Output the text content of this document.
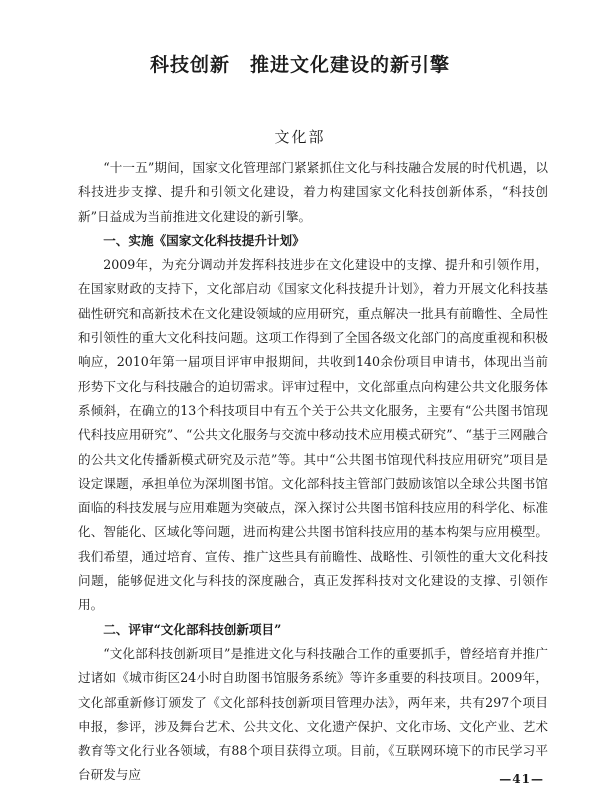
科技创新　推进文化建设的新引擎
文化部

“十一五”期间，国家文化管理部门紧紧抓住文化与科技融合发展的时代机遇，以科技进步支撑、提升和引领文化建设，着力构建国家文化科技创新体系，“科技创新”日益成为当前推进文化建设的新引擎。

一、实施《国家文化科技提升计划》

2009年，为充分调动并发挥科技进步在文化建设中的支撑、提升和引领作用，在国家财政的支持下，文化部启动《国家文化科技提升计划》，着力开展文化科技基础性研究和高新技术在文化建设领域的应用研究，重点解决一批具有前瞻性、全局性和引领性的重大文化科技问题。这项工作得到了全国各级文化部门的高度重视和积极响应，2010年第一届项目评审申报期间，共收到140余份项目申请书，体现出当前形势下文化与科技融合的迫切需求。评审过程中，文化部重点向构建公共文化服务体系倾斜，在确立的13个科技项目中有五个关于公共文化服务，主要有“公共图书馆现代科技应用研究”、“公共文化服务与交流中移动技术应用模式研究”、“基于三网融合的公共文化传播新模式研究及示范”等。其中“公共图书馆现代科技应用研究”项目是设定课题，承担单位为深圳图书馆。文化部科技主管部门鼓励该馆以全球公共图书馆面临的科技发展与应用难题为突破点，深入探讨公共图书馆科技应用的科学化、标准化、智能化、区域化等问题，进而构建公共图书馆科技应用的基本构架与应用模型。我们希望，通过培育、宣传、推广这些具有前瞻性、战略性、引领性的重大文化科技问题，能够促进文化与科技的深度融合，真正发挥科技对文化建设的支撑、引领作用。

二、评审“文化部科技创新项目”

“文化部科技创新项目”是推进文化与科技融合工作的重要抓手，曾经培育并推广过诸如《城市街区24小时自助图书馆服务系统》等许多重要的科技项目。2009年，文化部重新修订颁发了《文化部科技创新项目管理办法》，两年来，共有297个项目申报，参评，涉及舞台艺术、公共文化、文化遗产保护、文化市场、文化产业、艺术教育等文化行业各领域，有88个项目获得立项。目前，《互联网环境下的市民学习平台研发与应	—41—
